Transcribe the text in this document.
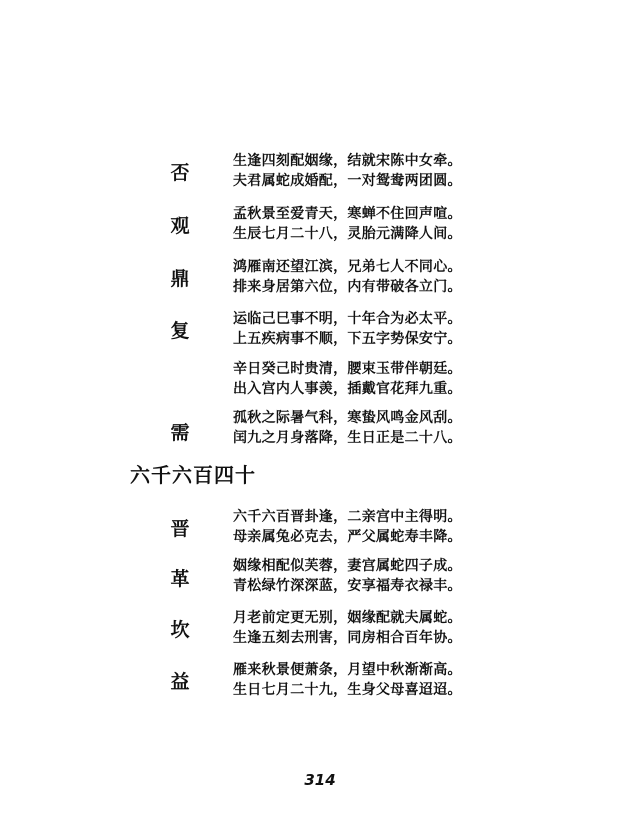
否
生逢四刻配姻缘，结就宋陈中女牵。
夫君属蛇成婚配，一对鸳鸯两团圆。
观
孟秋景至爱青天，寒蝉不住回声喧。
生辰七月二十八，灵胎元满降人间。
鼎
鸿雁南还望江滨，兄弟七人不同心。
排来身居第六位，内有带破各立门。
复
运临己巳事不明，十年合为必太平。
上五疾病事不顺，下五字势保安宁。
辛日癸己时贵清，腰束玉带伴朝廷。
出入宫内人事羡，插戴官花拜九重。
需
孤秋之际暑气科，寒蛰风鸣金风刮。
闰九之月身落降，生日正是二十八。
六千六百四十
晋
六千六百晋卦逢，二亲宫中主得明。
母亲属兔必克去，严父属蛇寿丰降。
革
姻缘相配似芙蓉，妻宫属蛇四子成。
青松绿竹深深蓝，安享福寿衣禄丰。
坎
月老前定更无别，姻缘配就夫属蛇。
生逢五刻去刑害，同房相合百年协。
益
雁来秋景便萧条，月望中秋渐渐高。
生日七月二十九，生身父母喜迢迢。
314
